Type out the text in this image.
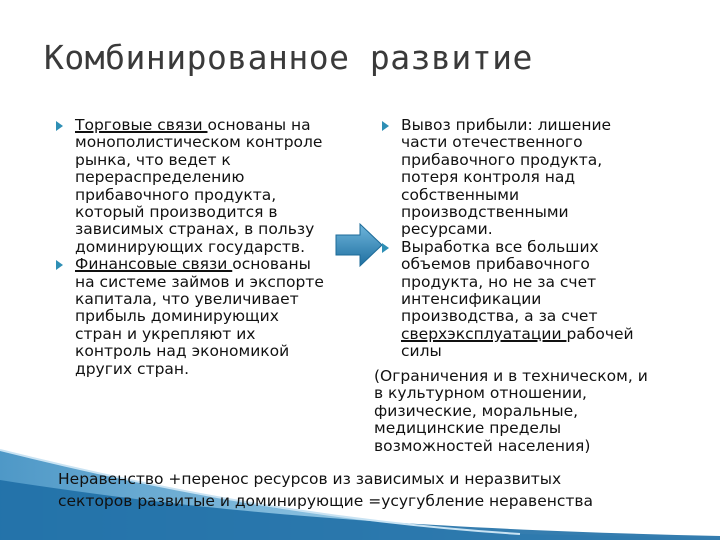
Комбинированное развитие
Торговые связи основаны на
монополистическом контроле
рынка, что ведет к
перераспределению
прибавочного продукта,
который производится в
зависимых странах, в пользу
доминирующих государств.
Финансовые связи основаны
на системе займов и экспорте
капитала, что увеличивает
прибыль доминирующих
стран и укрепляют их
контроль над экономикой
других стран.
Вывоз прибыли: лишение
части отечественного
прибавочного продукта,
потеря контроля над
собственными
производственными
ресурсами.
Выработка все больших
объемов прибавочного
продукта, но не за счет
интенсификации
производства, а за счет
сверхэксплуатации рабочей
силы
(Ограничения и в техническом, и
в культурном отношении,
физические, моральные,
медицинские пределы
возможностей населения)
Неравенство +перенос ресурсов из зависимых и неразвитых
секторов развитые и доминирующие =усугубление неравенства
